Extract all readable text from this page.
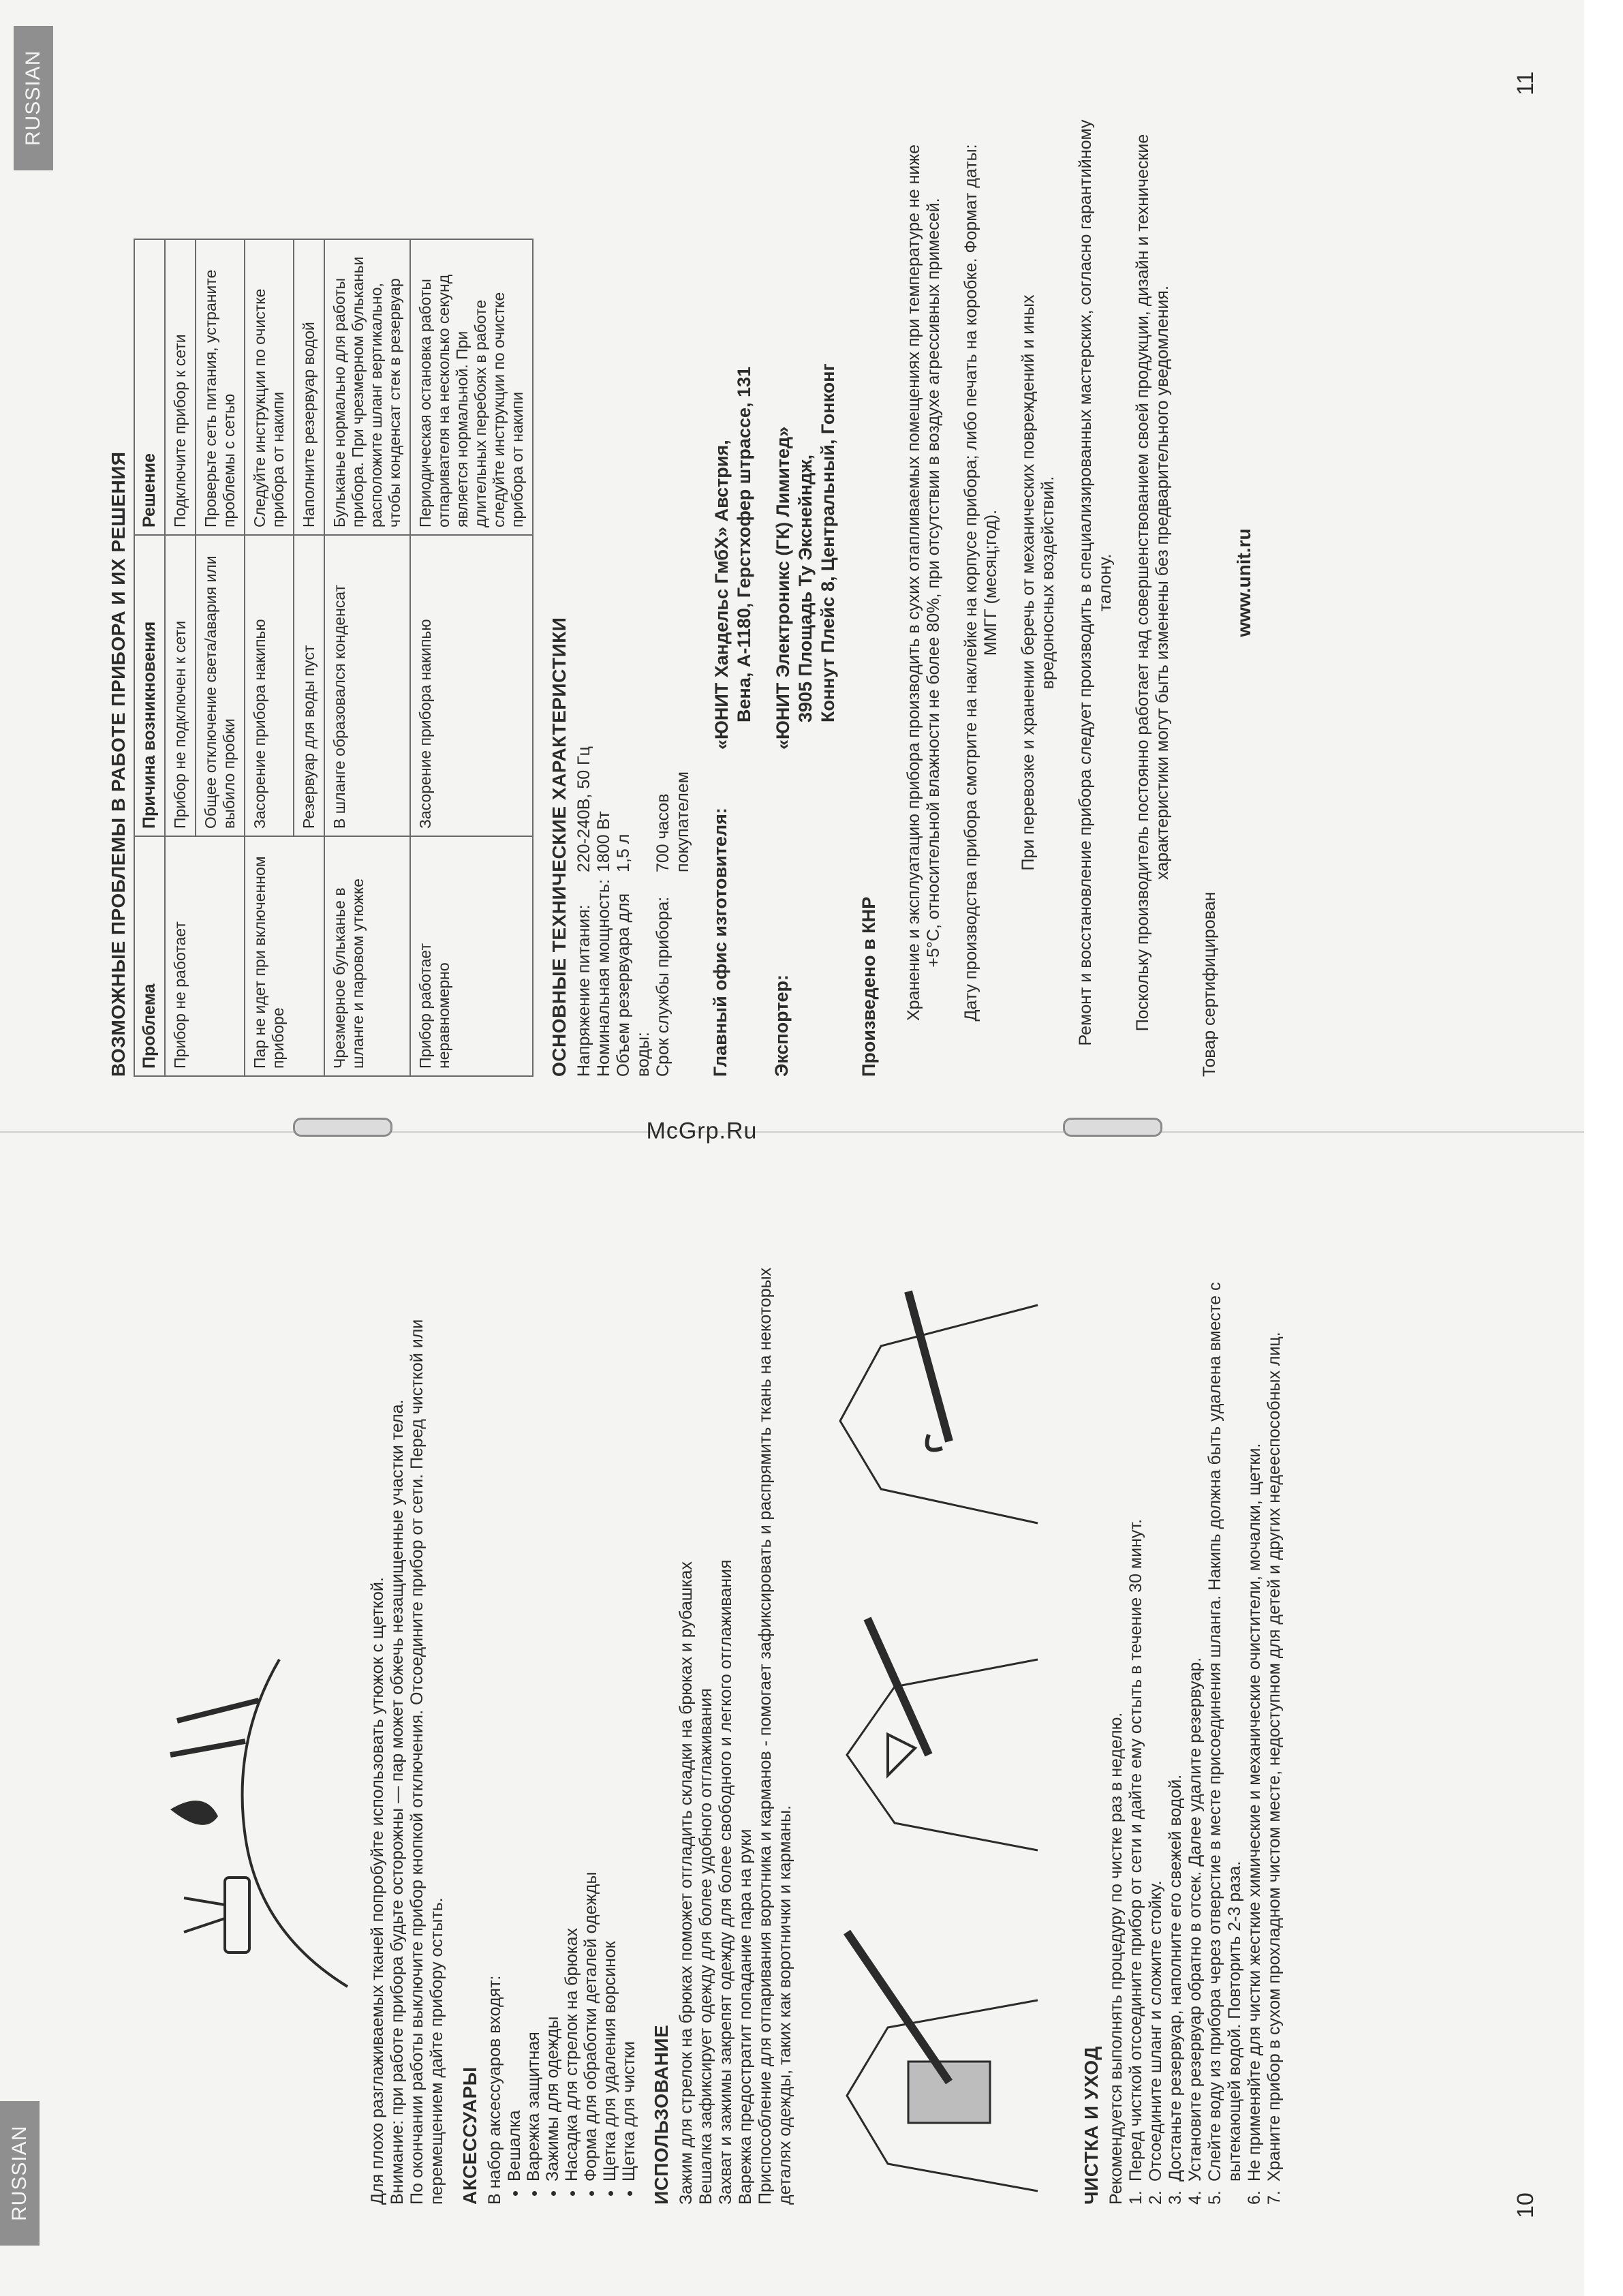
McGrp.Ru
RUSSIAN	11
ВОЗМОЖНЫЕ ПРОБЛЕМЫ В РАБОТЕ ПРИБОРА И ИХ РЕШЕНИЯ Проблема	Причина возникновения	Решение
Прибор не работает	Прибор не подключен к сети	Подключите прибор к сети
	Общее отключение света/авария или выбило пробки	Проверьте сеть питания, устраните проблемы с сетью
Пар не идет при включенном приборе	Засорение прибора накипью	Следуйте инструкции по очистке прибора от накипи
	Резервуар для воды пуст	Наполните резервуар водой
Чрезмерное бульканье в шланге и паровом утюжке	В шланге образовался конденсат	Бульканье нормально для работы прибора. При чрезмерном бульканьи расположите шланг вертикально, чтобы конденсат стек в резервуар
Прибор работает неравномерно	Засорение прибора накипью	Периодическая остановка работы отпаривателя на несколько секунд является нормальной. При длительных перебоях в работе следуйте инструкции по очистке прибора от накипи
ОСНОВНЫЕ ТЕХНИЧЕСКИЕ ХАРАКТЕРИСТИКИ Напряжение питания:
220-240В, 50 Гц
Номинальная мощность:
1800 Вт
Объем резервуара для воды:
1,5 л
Срок службы прибора:
700 часов покупателем Главный офис изготовителя:
«ЮНИТ Хандельс ГмбХ» Австрия, Вена, А-1180, Герстхофер штрассе, 131
Экспортер:
«ЮНИТ Электроникс (ГК) Лимитед» 3905 Площадь Ту Экснейндж, Коннут Плейс 8, Центральный, Гонконг
Произведено в КНР Хранение и эксплуатацию прибора производить в сухих отапливаемых помещениях при температуре не ниже +5°С, относительной влажности не более 80%, при отсутствии в воздухе агрессивных примесей. Дату производства прибора смотрите на наклейке на корпусе прибора; либо печать на коробке. Формат даты: ММГГ (месяц;год). При перевозке и хранении беречь от механических повреждений и иных вредоносных воздействий. Ремонт и восстановление прибора следует производить в специализированных мастерских, согласно гарантийному талону. Поскольку производитель постоянно работает над совершенствованием своей продукции, дизайн и технические характеристики могут быть изменены без предварительного уведомления.
Товар сертифицирован
www.unit.ru
RUSSIAN	10

Для плохо разглаживаемых тканей попробуйте использовать утюжок с щеткой. Внимание: при работе прибора будьте осторожны — пар может обжечь незащищенные участки тела. По окончании работы выключите прибор кнопкой отключения. Отсоедините прибор от сети. Перед чисткой или перемещением дайте прибору остыть. АКСЕССУАРЫ В набор аксессуаров входят: • Вешалка • Варежка защитная • Зажимы для одежды • Насадка для стрелок на брюках • Форма для обработки деталей одежды • Щетка для удаления ворсинок • Щетка для чистки ИСПОЛЬЗОВАНИЕ Зажим для стрелок на брюках поможет отгладить складки на брюках и рубашках Вешалка зафиксирует одежду для более удобного отглаживания Захват и зажимы закрепят одежду для более свободного и легкого отглаживания Варежка предостратит попадание пара на руки Приспособление для отпаривания воротника и карманов - помогает зафиксировать и распрямить ткань на некоторых деталях одежды, таких как воротнички и карманы.	ЧИСТКА И УХОД Рекомендуется выполнять процедуру по чистке раз в неделю. 1.
Перед чисткой отсоедините прибор от сети и дайте ему остыть в течение 30 минут.
2.
Отсоедините шланг и сложите стойку.
3.
Достаньте резервуар, наполните его свежей водой.
4.
Установите резервуар обратно в отсек. Далее удалите резервуар.
5.
Слейте воду из прибора через отверстие в месте присоединения шланга. Накипь должна быть удалена вместе с вытекающей водой. Повторить 2-3 раза.
6.
Не применяйте для чистки жесткие химические и механические очистители, мочалки, щетки.
7.
Храните прибор в сухом прохладном чистом месте, недоступном для детей и других недееспособных лиц.
